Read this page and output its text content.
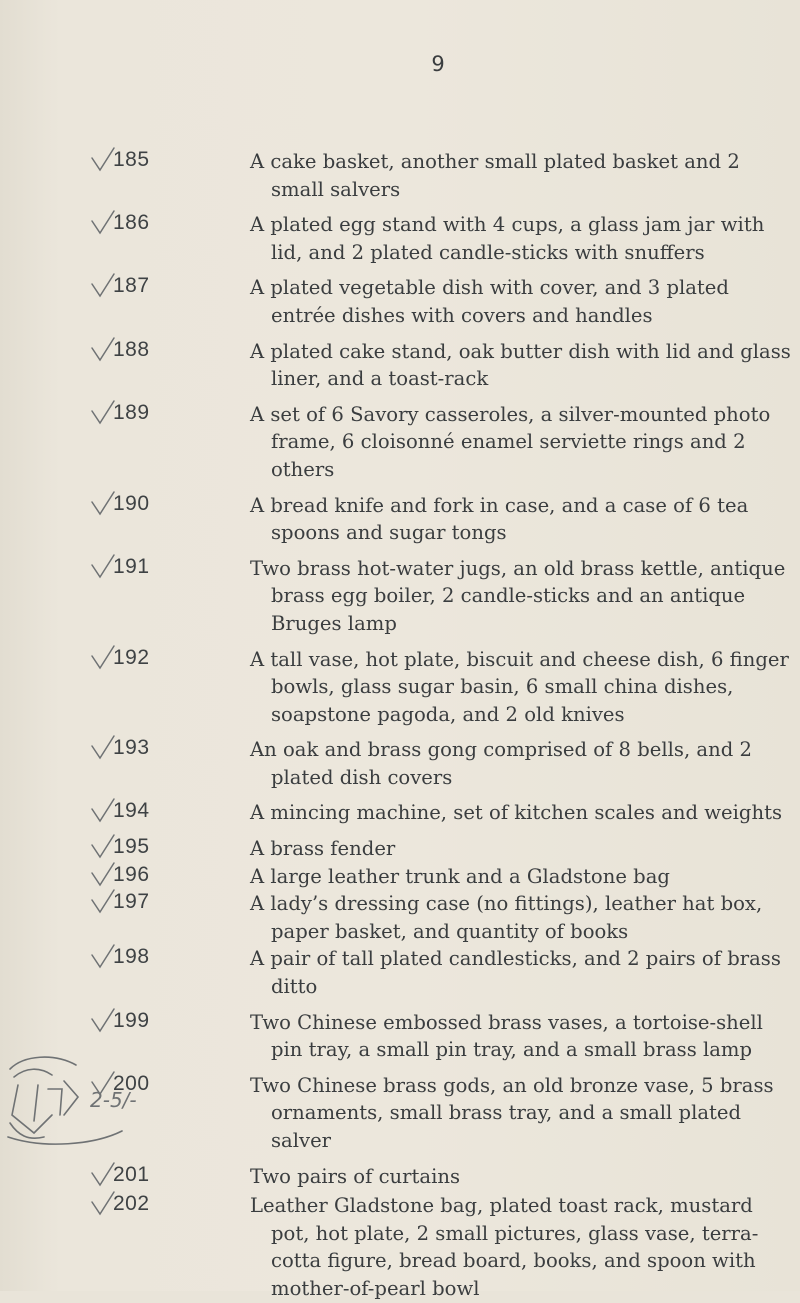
9
185	A cake basket, another small plated basket and 2 small salvers
186	A plated egg stand with 4 cups, a glass jam jar with lid, and 2 plated candle-sticks with snuffers
187	A plated vegetable dish with cover, and 3 plated entrée dishes with covers and handles
188	A plated cake stand, oak butter dish with lid and glass liner, and a toast-rack
189	A set of 6 Savory casseroles, a silver-mounted photo frame, 6 cloisonné enamel serviette rings and 2 others
190	A bread knife and fork in case, and a case of 6 tea spoons and sugar tongs
191	Two brass hot-water jugs, an old brass kettle, antique brass egg boiler, 2 candle-sticks and an antique Bruges lamp
192	A tall vase, hot plate, biscuit and cheese dish, 6 finger bowls, glass sugar basin, 6 small china dishes, soapstone pagoda, and 2 old knives
193	An oak and brass gong comprised of 8 bells, and 2 plated dish covers
194	A mincing machine, set of kitchen scales and weights
195	A brass fender
196	A large leather trunk and a Gladstone bag
197	A lady’s dressing case (no fittings), leather hat box, paper basket, and quantity of books
198	A pair of tall plated candlesticks, and 2 pairs of brass ditto
199	Two Chinese embossed brass vases, a tortoise-shell pin tray, a small pin tray, and a small brass lamp
200	Two Chinese brass gods, an old bronze vase, 5 brass ornaments, small brass tray, and a small plated salver
201	Two pairs of curtains
202	Leather Gladstone bag, plated toast rack, mustard pot, hot plate, 2 small pictures, glass vase, terra-cotta figure, bread board, books, and spoon with mother-of-pearl bowl
2-5/-
